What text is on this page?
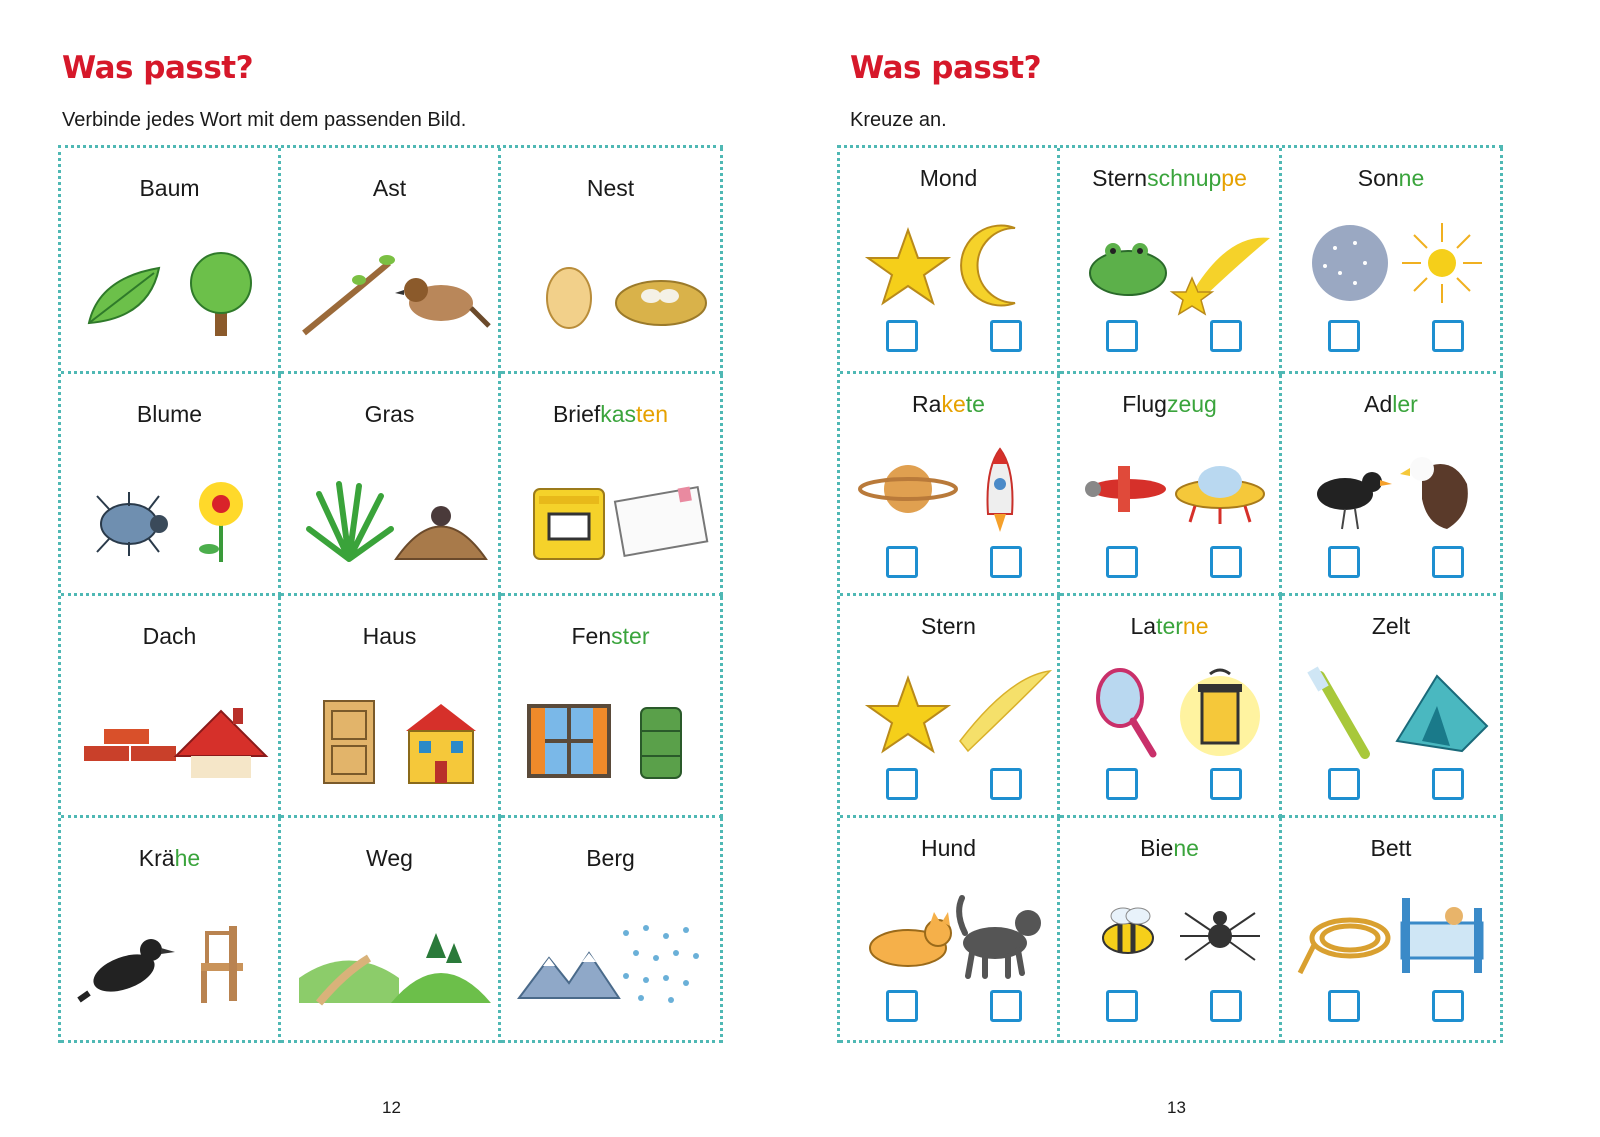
Was passt?
Verbinde jedes Wort mit dem passenden Bild.
Baum	Ast	Nest
Blume	Gras	Briefkasten
Dach	Haus	Fenster
Krähe	Weg	Berg
12
Was passt?
Kreuze an.
Mond	Sternschnuppe	Sonne
Rakete	Flugzeug	Adler
Stern	Laterne	Zelt
Hund	Biene	Bett
13
